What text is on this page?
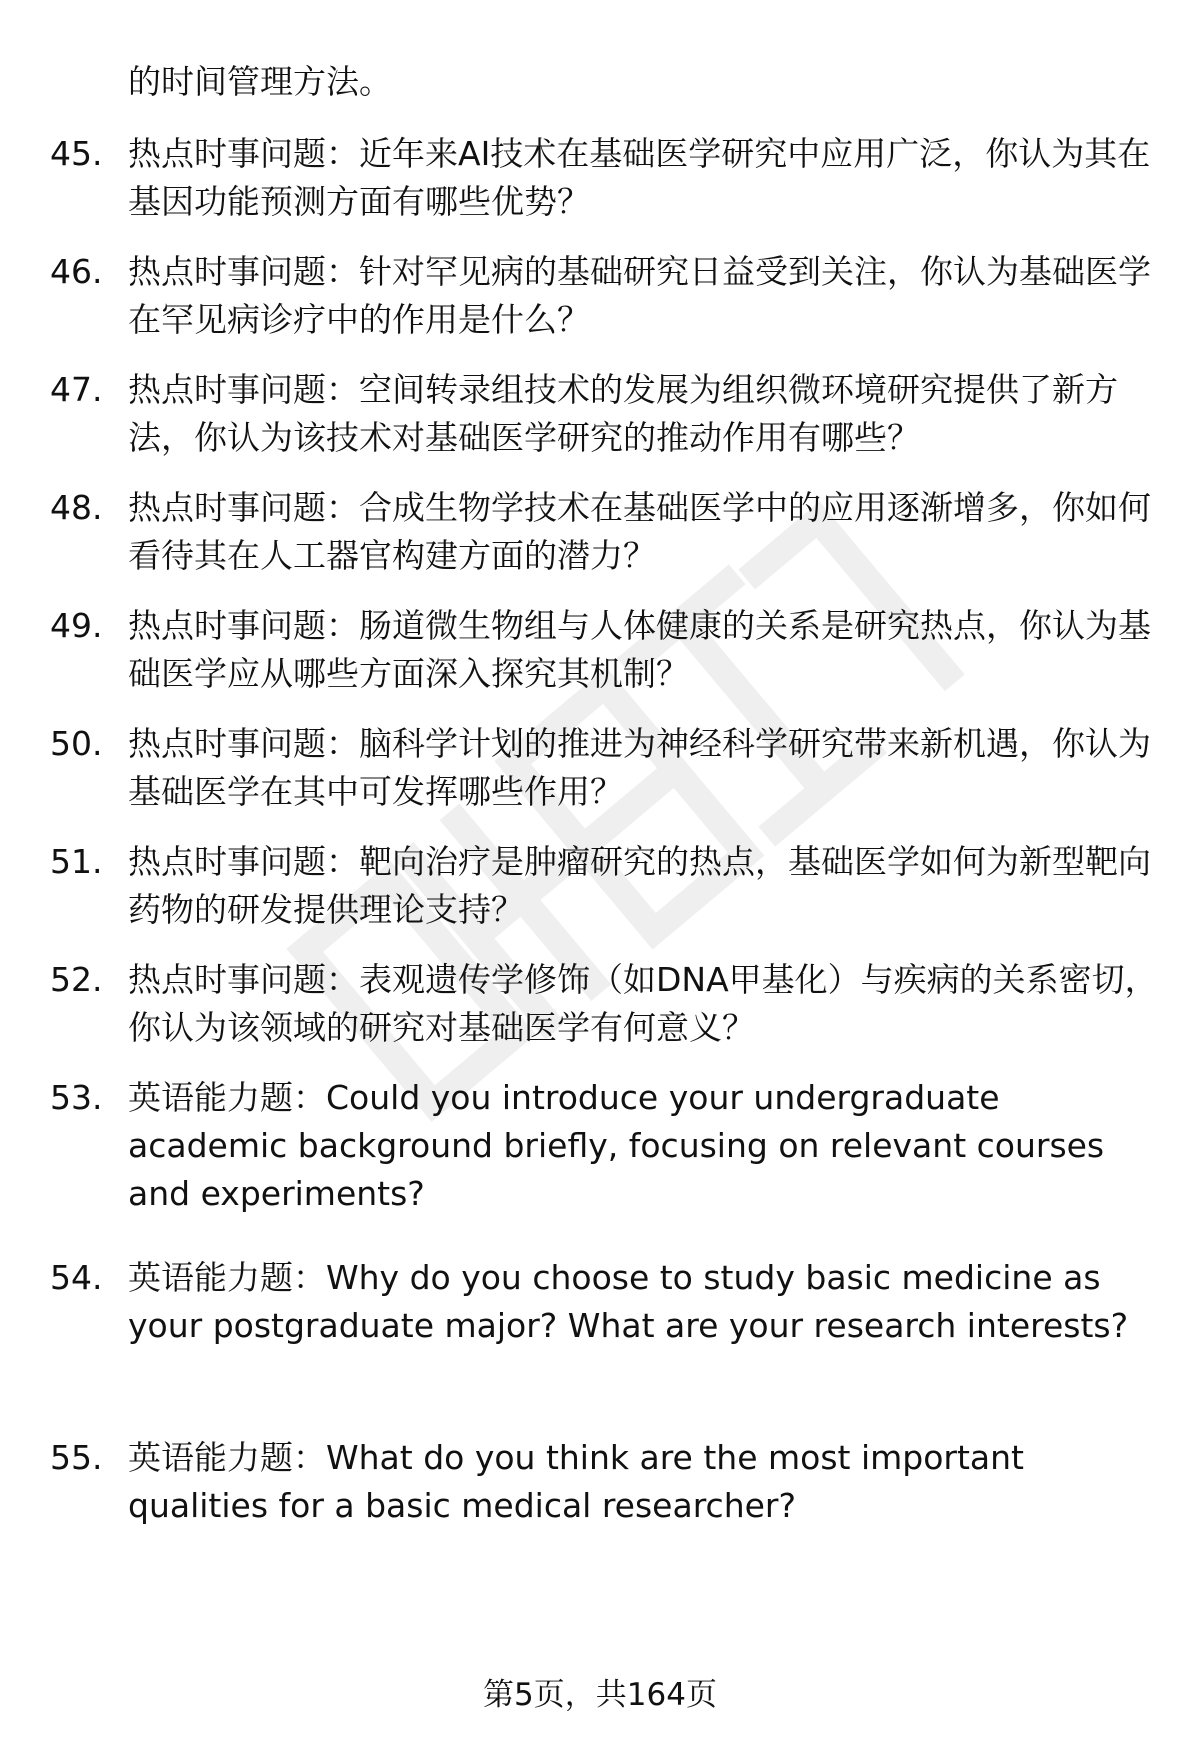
的时间管理方法。
45. 热点时事问题：近年来AI技术在基础医学研究中应用广泛，你认为其在基因功能预测方面有哪些优势？
46. 热点时事问题：针对罕见病的基础研究日益受到关注，你认为基础医学在罕见病诊疗中的作用是什么？
47. 热点时事问题：空间转录组技术的发展为组织微环境研究提供了新方法，你认为该技术对基础医学研究的推动作用有哪些？
48. 热点时事问题：合成生物学技术在基础医学中的应用逐渐增多，你如何看待其在人工器官构建方面的潜力？
49. 热点时事问题：肠道微生物组与人体健康的关系是研究热点，你认为基础医学应从哪些方面深入探究其机制？
50. 热点时事问题：脑科学计划的推进为神经科学研究带来新机遇，你认为基础医学在其中可发挥哪些作用？
51. 热点时事问题：靶向治疗是肿瘤研究的热点，基础医学如何为新型靶向药物的研发提供理论支持？
52. 热点时事问题：表观遗传学修饰（如DNA甲基化）与疾病的关系密切，你认为该领域的研究对基础医学有何意义？
53. 英语能力题：Could you introduce your undergraduate academic background briefly, focusing on relevant courses and experiments?
54. 英语能力题：Why do you choose to study basic medicine as your postgraduate major? What are your research interests?
55. 英语能力题：What do you think are the most important qualities for a basic medical researcher?
第5页，共164页
